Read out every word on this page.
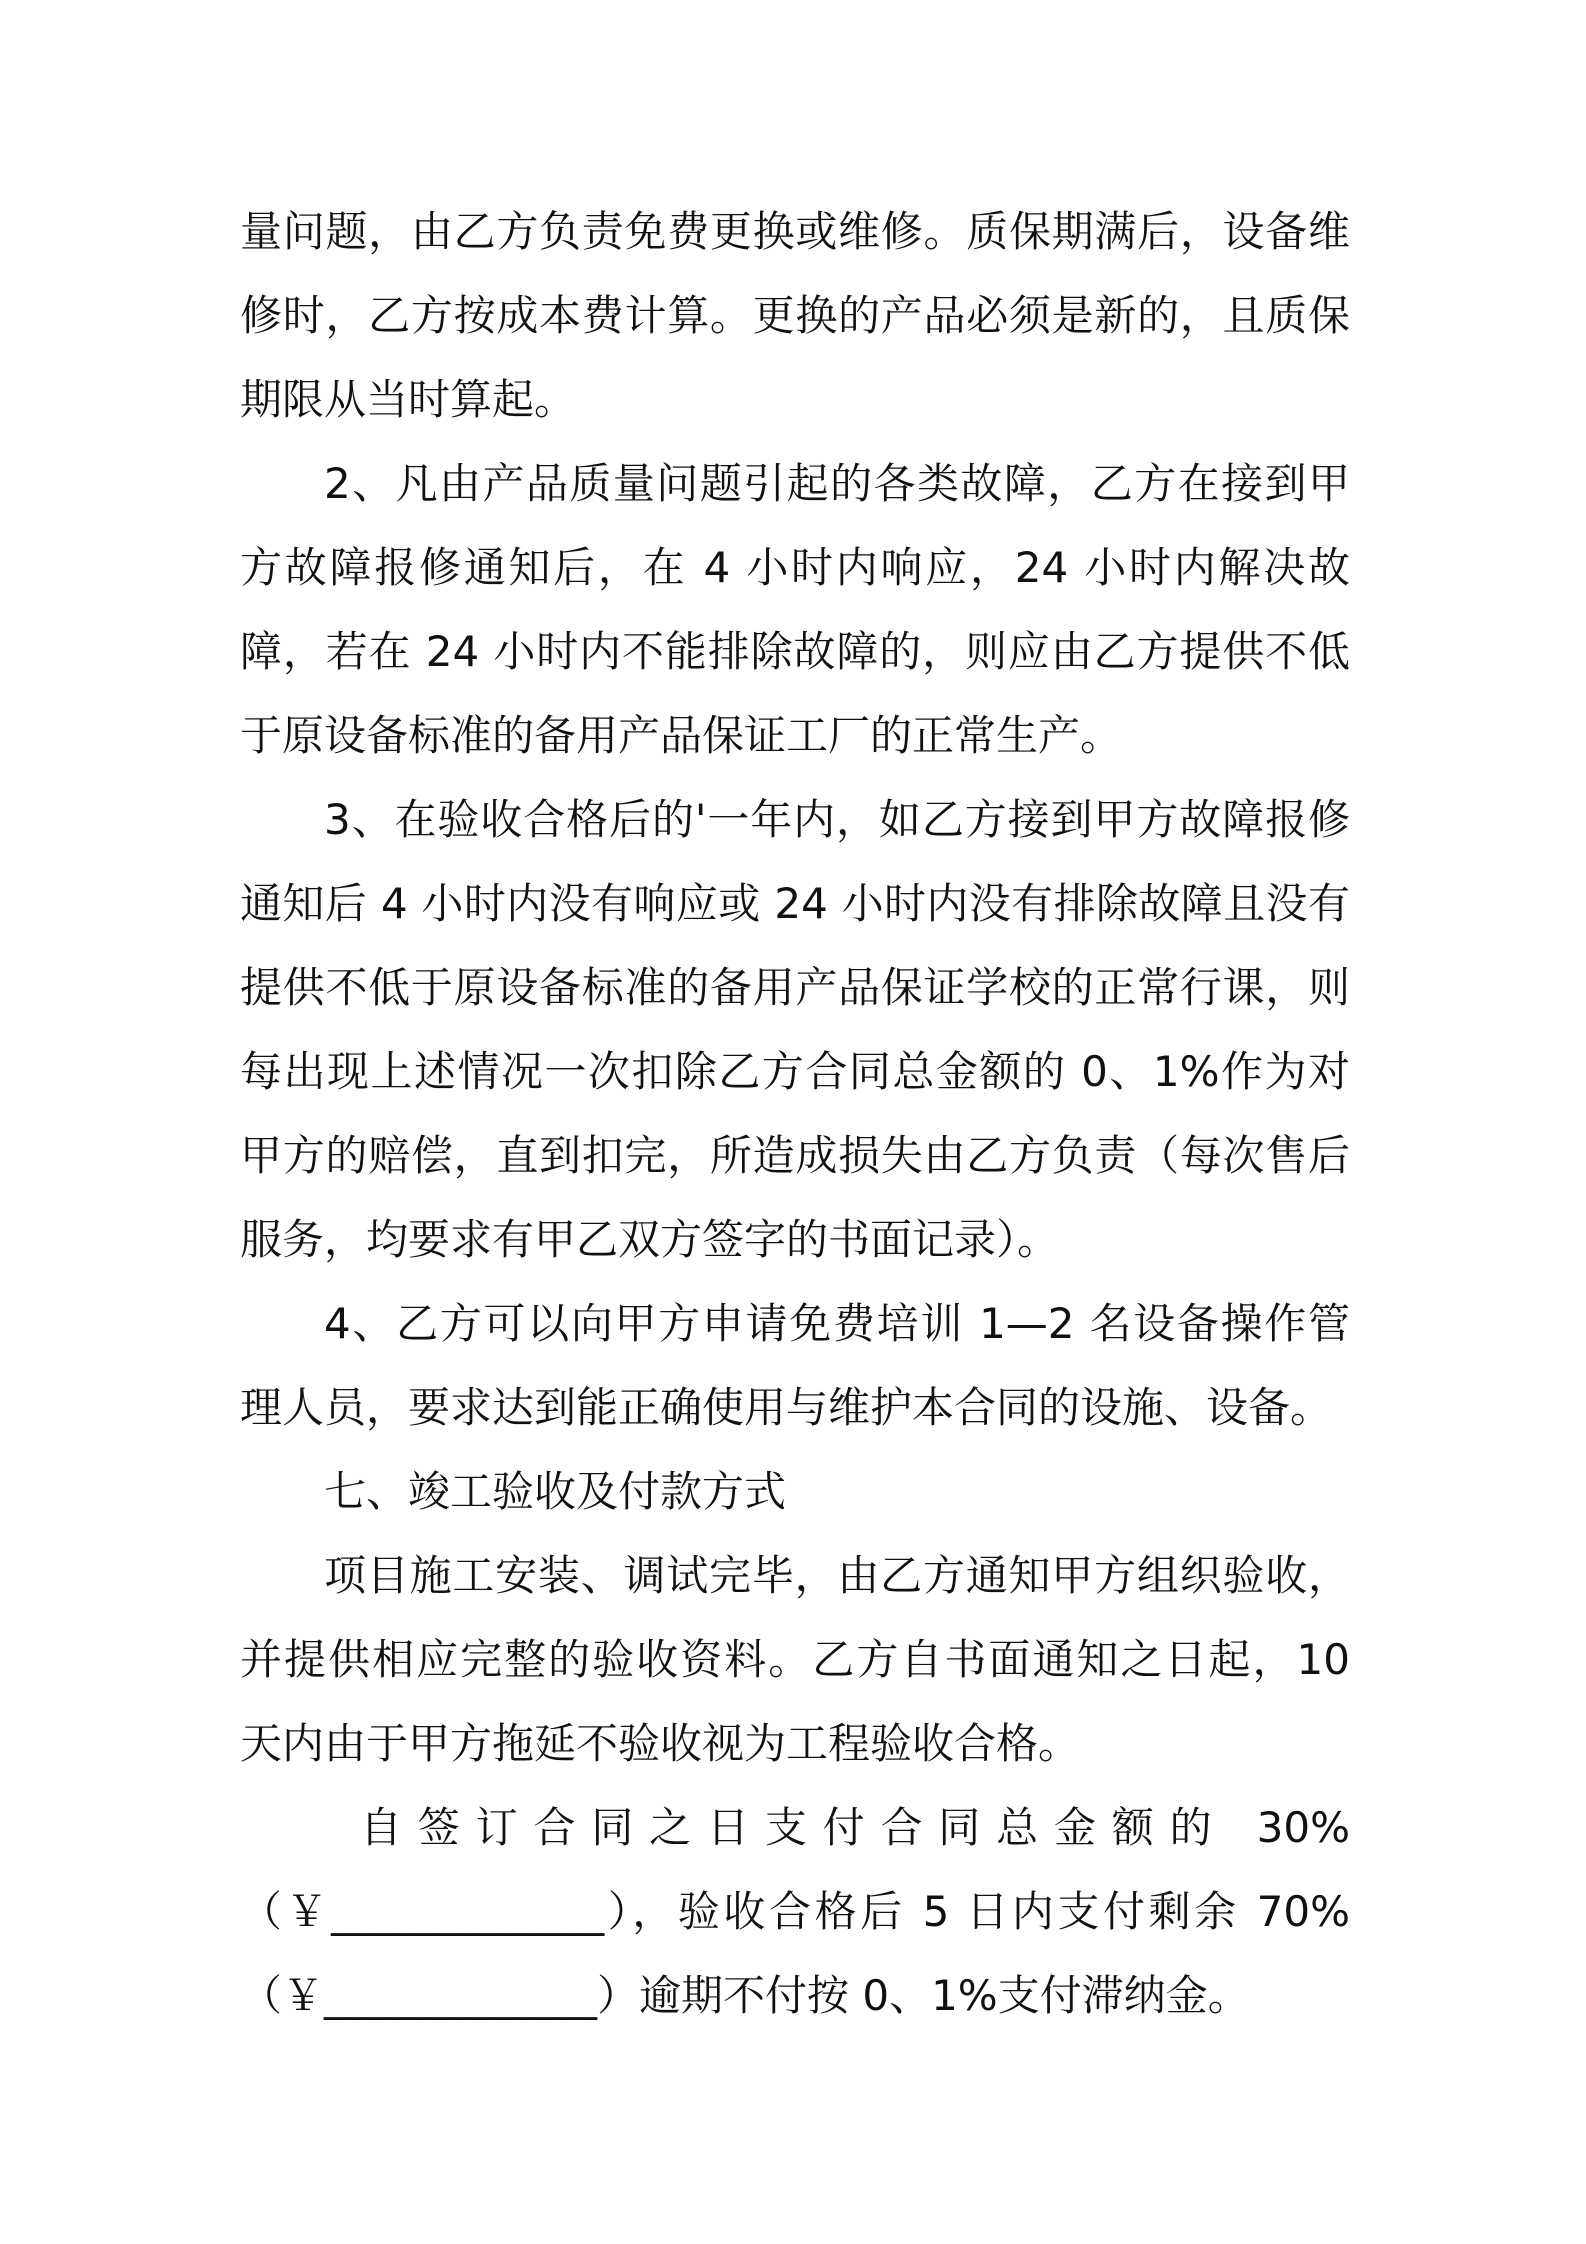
量问题，由乙方负责免费更换或维修。质保期满后，设备维修时，乙方按成本费计算。更换的产品必须是新的，且质保期限从当时算起。

2、凡由产品质量问题引起的各类故障，乙方在接到甲方故障报修通知后，在 4 小时内响应，24 小时内解决故障，若在 24 小时内不能排除故障的，则应由乙方提供不低于原设备标准的备用产品保证工厂的正常生产。

3、在验收合格后的'一年内，如乙方接到甲方故障报修通知后 4 小时内没有响应或 24 小时内没有排除故障且没有提供不低于原设备标准的备用产品保证学校的正常行课，则每出现上述情况一次扣除乙方合同总金额的 0、1%作为对甲方的赔偿，直到扣完，所造成损失由乙方负责（每次售后服务，均要求有甲乙双方签字的书面记录）。

4、乙方可以向甲方申请免费培训 1—2 名设备操作管理人员，要求达到能正确使用与维护本合同的设施、设备。

七、竣工验收及付款方式

项目施工安装、调试完毕，由乙方通知甲方组织验收，并提供相应完整的验收资料。乙方自书面通知之日起，10 天内由于甲方拖延不验收视为工程验收合格。

自签订合同之日支付合同总金额的 30%

（￥_____________），验收合格后 5 日内支付剩余 70%

（￥_____________）逾期不付按 0、1%支付滞纳金。
